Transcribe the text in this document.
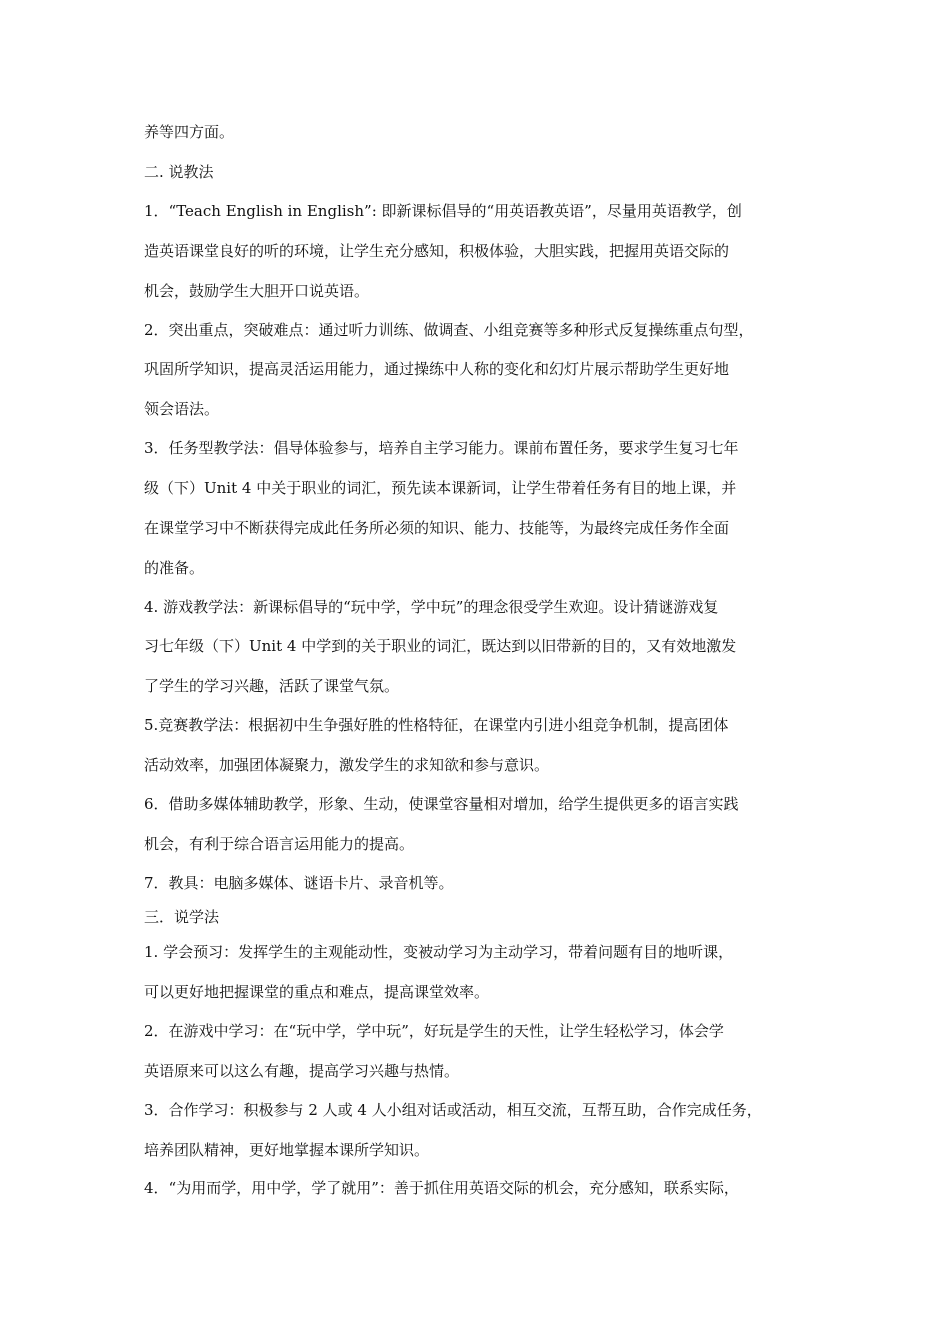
养等四方面。
二. 说教法
1．“Teach English in English”: 即新课标倡导的“用英语教英语”，尽量用英语教学，创
造英语课堂良好的听的环境，让学生充分感知，积极体验，大胆实践，把握用英语交际的
机会，鼓励学生大胆开口说英语。
2．突出重点，突破难点：通过听力训练、做调查、小组竞赛等多种形式反复操练重点句型，
巩固所学知识，提高灵活运用能力，通过操练中人称的变化和幻灯片展示帮助学生更好地
领会语法。
3．任务型教学法：倡导体验参与，培养自主学习能力。课前布置任务，要求学生复习七年
级（下）Unit 4 中关于职业的词汇，预先读本课新词，让学生带着任务有目的地上课，并
在课堂学习中不断获得完成此任务所必须的知识、能力、技能等，为最终完成任务作全面
的准备。
4. 游戏教学法：新课标倡导的“玩中学，学中玩”的理念很受学生欢迎。设计猜谜游戏复
习七年级（下）Unit 4 中学到的关于职业的词汇，既达到以旧带新的目的，又有效地激发
了学生的学习兴趣，活跃了课堂气氛。
5.竞赛教学法：根据初中生争强好胜的性格特征，在课堂内引进小组竞争机制，提高团体
活动效率，加强团体凝聚力，激发学生的求知欲和参与意识。
6．借助多媒体辅助教学，形象、生动，使课堂容量相对增加，给学生提供更多的语言实践
机会，有利于综合语言运用能力的提高。
7．教具：电脑多媒体、谜语卡片、录音机等。
三．说学法
1. 学会预习：发挥学生的主观能动性，变被动学习为主动学习，带着问题有目的地听课，
可以更好地把握课堂的重点和难点，提高课堂效率。
2．在游戏中学习：在“玩中学，学中玩”，好玩是学生的天性，让学生轻松学习，体会学
英语原来可以这么有趣，提高学习兴趣与热情。
3．合作学习：积极参与 2 人或 4 人小组对话或活动，相互交流，互帮互助，合作完成任务，
培养团队精神，更好地掌握本课所学知识。
4．“为用而学，用中学，学了就用”：善于抓住用英语交际的机会，充分感知，联系实际，
